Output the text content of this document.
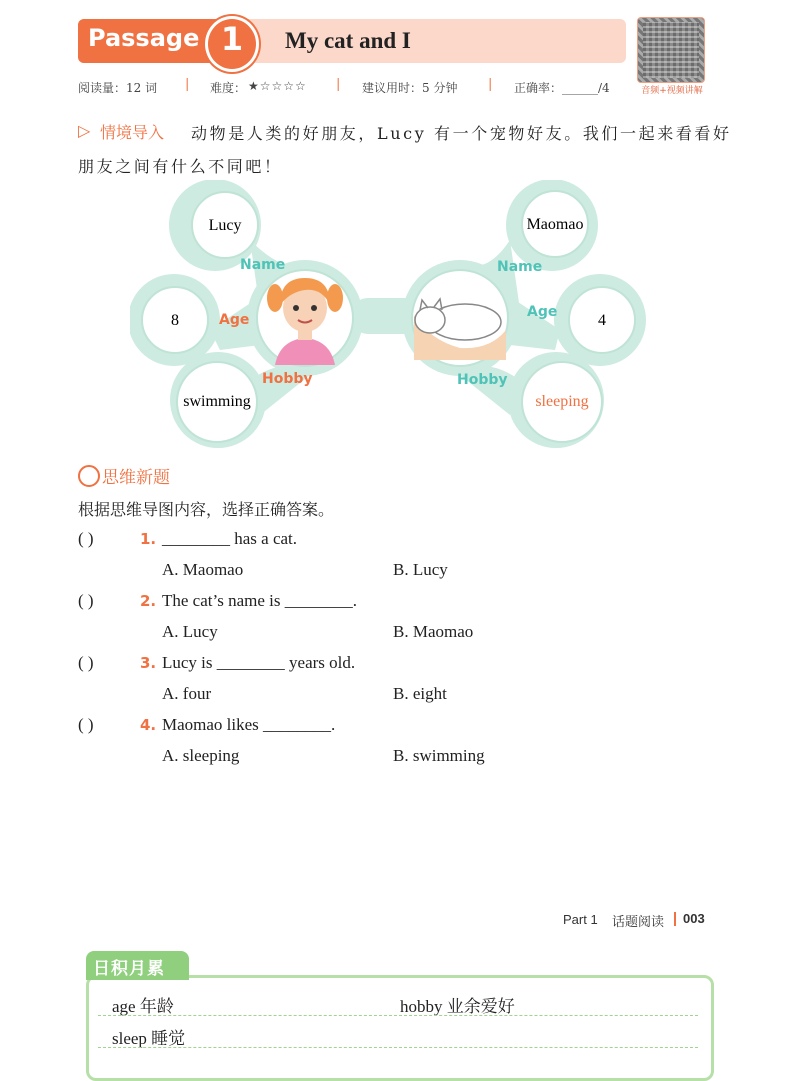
Passage 1	My cat and I
音频+视频讲解
阅读量：12 词 | 难度： ★☆☆☆☆ | 建议用时：5 分钟 | 正确率：______/4
▷ 情境导入 动物是人类的好朋友，Lucy 有一个宠物好友。我们一起来看看好
朋友之间有什么不同吧！
Name
Age
Hobby
Name
Age
Hobby
Lucy
8
swimming
Maomao
4
sleeping
思维新题
根据思维导图内容，选择正确答案。
( )	1. ________ has a cat.
A. Maomao	B. Lucy
( )	2. The cat’s name is ________.
A. Lucy	B. Maomao
( )	3. Lucy is ________ years old.
A. four	B. eight
( )	4. Maomao likes ________.
A. sleeping	B. swimming
Part 1 话题阅读 003
日积月累
age 年龄	hobby 业余爱好
sleep 睡觉
